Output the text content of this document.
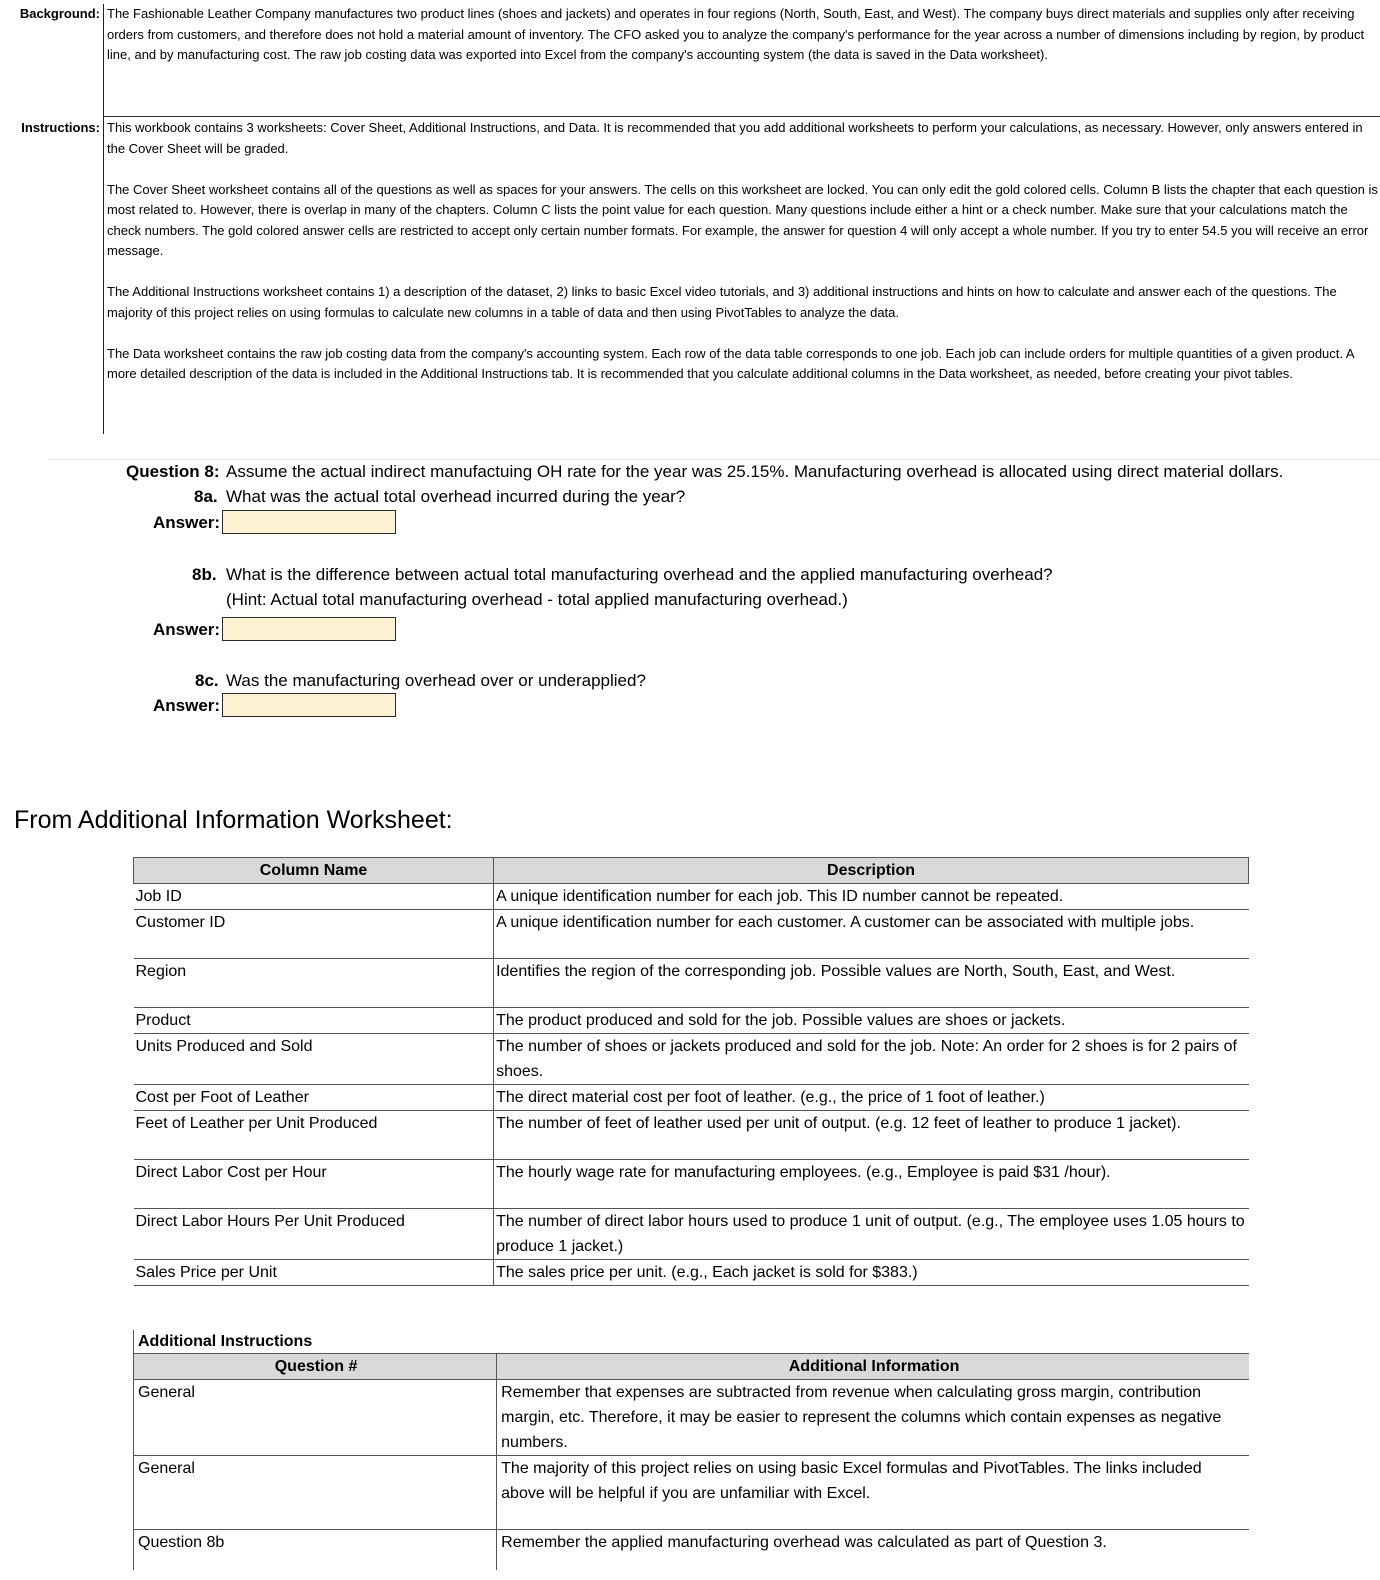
Background: The Fashionable Leather Company manufactures two product lines (shoes and jackets) and operates in four regions (North, South, East, and West). The company buys direct materials and supplies only after receiving orders from customers, and therefore does not hold a material amount of inventory. The CFO asked you to analyze the company's performance for the year across a number of dimensions including by region, by product line, and by manufacturing cost. The raw job costing data was exported into Excel from the company's accounting system (the data is saved in the Data worksheet).

Instructions: This workbook contains 3 worksheets: Cover Sheet, Additional Instructions, and Data. It is recommended that you add additional worksheets to perform your calculations, as necessary. However, only answers entered in the Cover Sheet will be graded.

The Cover Sheet worksheet contains all of the questions as well as spaces for your answers. The cells on this worksheet are locked. You can only edit the gold colored cells. Column B lists the chapter that each question is most related to. However, there is overlap in many of the chapters. Column C lists the point value for each question. Many questions include either a hint or a check number. Make sure that your calculations match the check numbers. The gold colored answer cells are restricted to accept only certain number formats. For example, the answer for question 4 will only accept a whole number. If you try to enter 54.5 you will receive an error message.

The Additional Instructions worksheet contains 1) a description of the dataset, 2) links to basic Excel video tutorials, and 3) additional instructions and hints on how to calculate and answer each of the questions. The majority of this project relies on using formulas to calculate new columns in a table of data and then using PivotTables to analyze the data.

The Data worksheet contains the raw job costing data from the company's accounting system. Each row of the data table corresponds to one job. Each job can include orders for multiple quantities of a given product. A more detailed description of the data is included in the Additional Instructions tab. It is recommended that you calculate additional columns in the Data worksheet, as needed, before creating your pivot tables.

Question 8: Assume the actual indirect manufactuing OH rate for the year was 25.15%. Manufacturing overhead is allocated using direct material dollars.
8a. What was the actual total overhead incurred during the year?
Answer:
8b. What is the difference between actual total manufacturing overhead and the applied manufacturing overhead?
(Hint: Actual total manufacturing overhead - total applied manufacturing overhead.)
Answer:
8c. Was the manufacturing overhead over or underapplied?
Answer:
From Additional Information Worksheet:
Column Name	Description
Job ID	A unique identification number for each job. This ID number cannot be repeated.
Customer ID	A unique identification number for each customer. A customer can be associated with multiple jobs.
Region	Identifies the region of the corresponding job. Possible values are North, South, East, and West.
Product	The product produced and sold for the job. Possible values are shoes or jackets.
Units Produced and Sold	The number of shoes or jackets produced and sold for the job. Note: An order for 2 shoes is for 2 pairs of shoes.
Cost per Foot of Leather	The direct material cost per foot of leather. (e.g., the price of 1 foot of leather.)
Feet of Leather per Unit Produced	The number of feet of leather used per unit of output. (e.g. 12 feet of leather to produce 1 jacket).
Direct Labor Cost per Hour	The hourly wage rate for manufacturing employees. (e.g., Employee is paid $31 /hour).
Direct Labor Hours Per Unit Produced	The number of direct labor hours used to produce 1 unit of output. (e.g., The employee uses 1.05 hours to produce 1 jacket.)
Sales Price per Unit	The sales price per unit. (e.g., Each jacket is sold for $383.)
Additional Instructions
Question #	Additional Information
General	Remember that expenses are subtracted from revenue when calculating gross margin, contribution margin, etc. Therefore, it may be easier to represent the columns which contain expenses as negative numbers.
General	The majority of this project relies on using basic Excel formulas and PivotTables. The links included above will be helpful if you are unfamiliar with Excel.
Question 8b	Remember the applied manufacturing overhead was calculated as part of Question 3.
